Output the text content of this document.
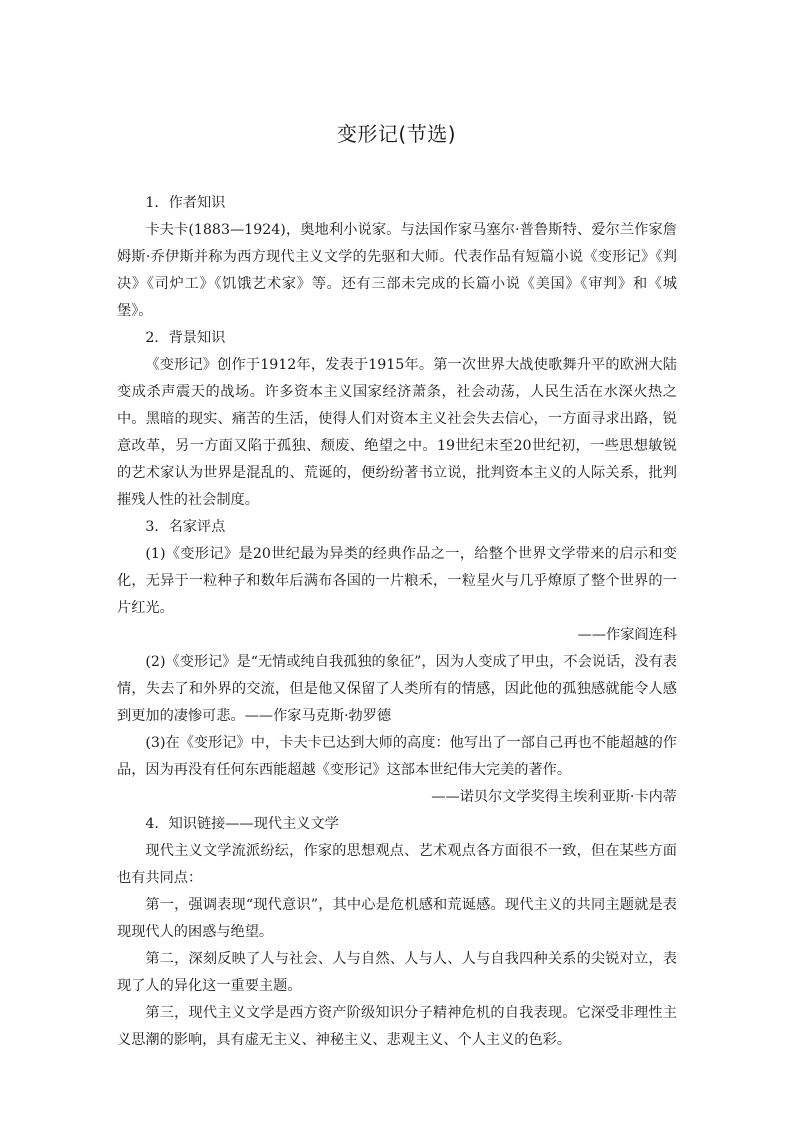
变形记(节选)

1．作者知识

卡夫卡(1883—1924)，奥地利小说家。与法国作家马塞尔·普鲁斯特、爱尔兰作家詹姆斯·乔伊斯并称为西方现代主义文学的先驱和大师。代表作品有短篇小说《变形记》《判决》《司炉工》《饥饿艺术家》等。还有三部未完成的长篇小说《美国》《审判》和《城堡》。

2．背景知识

《变形记》创作于1912年，发表于1915年。第一次世界大战使歌舞升平的欧洲大陆变成杀声震天的战场。许多资本主义国家经济萧条，社会动荡，人民生活在水深火热之中。黑暗的现实、痛苦的生活，使得人们对资本主义社会失去信心，一方面寻求出路，锐意改革，另一方面又陷于孤独、颓废、绝望之中。19世纪末至20世纪初，一些思想敏锐的艺术家认为世界是混乱的、荒诞的，便纷纷著书立说，批判资本主义的人际关系，批判摧残人性的社会制度。

3．名家评点

(1)《变形记》是20世纪最为异类的经典作品之一，给整个世界文学带来的启示和变化，无异于一粒种子和数年后满布各国的一片粮禾，一粒星火与几乎燎原了整个世界的一片红光。

——作家阎连科

(2)《变形记》是“无情或纯自我孤独的象征”，因为人变成了甲虫，不会说话，没有表情，失去了和外界的交流，但是他又保留了人类所有的情感，因此他的孤独感就能令人感到更加的凄惨可悲。——作家马克斯·勃罗德

(3)在《变形记》中，卡夫卡已达到大师的高度：他写出了一部自己再也不能超越的作品，因为再没有任何东西能超越《变形记》这部本世纪伟大完美的著作。

——诺贝尔文学奖得主埃利亚斯·卡内蒂

4．知识链接——现代主义文学

现代主义文学流派纷纭，作家的思想观点、艺术观点各方面很不一致，但在某些方面也有共同点：

第一，强调表现“现代意识”，其中心是危机感和荒诞感。现代主义的共同主题就是表现现代人的困惑与绝望。

第二，深刻反映了人与社会、人与自然、人与人、人与自我四种关系的尖锐对立，表现了人的异化这一重要主题。

第三，现代主义文学是西方资产阶级知识分子精神危机的自我表现。它深受非理性主义思潮的影响，具有虚无主义、神秘主义、悲观主义、个人主义的色彩。
